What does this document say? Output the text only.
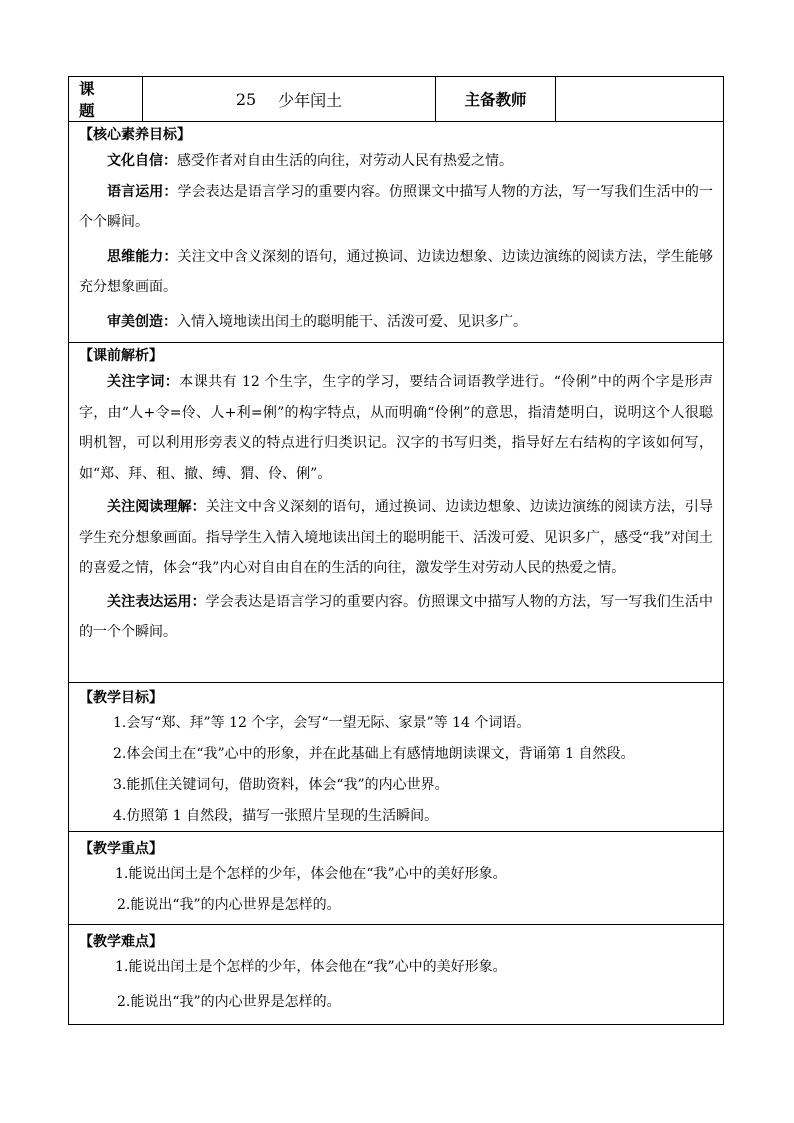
课 题
25 少年闰土	主备教师
【核心素养目标】
文化自信：感受作者对自由生活的向往，对劳动人民有热爱之情。
语言运用：学会表达是语言学习的重要内容。仿照课文中描写人物的方法，写一写我们生活中的一个个瞬间。
思维能力：关注文中含义深刻的语句，通过换词、边读边想象、边读边演练的阅读方法，学生能够充分想象画面。
审美创造：入情入境地读出闰土的聪明能干、活泼可爱、见识多广。
【课前解析】
关注字词：本课共有 12 个生字，生字的学习，要结合词语教学进行。“伶俐”中的两个字是形声字，由“人+令=伶、人+利=俐”的构字特点，从而明确“伶俐”的意思，指清楚明白，说明这个人很聪明机智，可以利用形旁表义的特点进行归类识记。汉字的书写归类，指导好左右结构的字该如何写，如“郑、拜、租、撤、缚、猬、伶、俐”。
关注阅读理解：关注文中含义深刻的语句，通过换词、边读边想象、边读边演练的阅读方法，引导学生充分想象画面。指导学生入情入境地读出闰土的聪明能干、活泼可爱、见识多广，感受“我”对闰土的喜爱之情，体会“我”内心对自由自在的生活的向往，激发学生对劳动人民的热爱之情。
关注表达运用：学会表达是语言学习的重要内容。仿照课文中描写人物的方法，写一写我们生活中的一个个瞬间。
【教学目标】
1.会写“郑、拜”等 12 个字，会写“一望无际、家景”等 14 个词语。
2.体会闰土在“我”心中的形象，并在此基础上有感情地朗读课文，背诵第 1 自然段。
3.能抓住关键词句，借助资料，体会“我”的内心世界。
4.仿照第 1 自然段，描写一张照片呈现的生活瞬间。
【教学重点】
1.能说出闰土是个怎样的少年，体会他在“我”心中的美好形象。
2.能说出“我”的内心世界是怎样的。
【教学难点】
1.能说出闰土是个怎样的少年，体会他在“我”心中的美好形象。
2.能说出“我”的内心世界是怎样的。
